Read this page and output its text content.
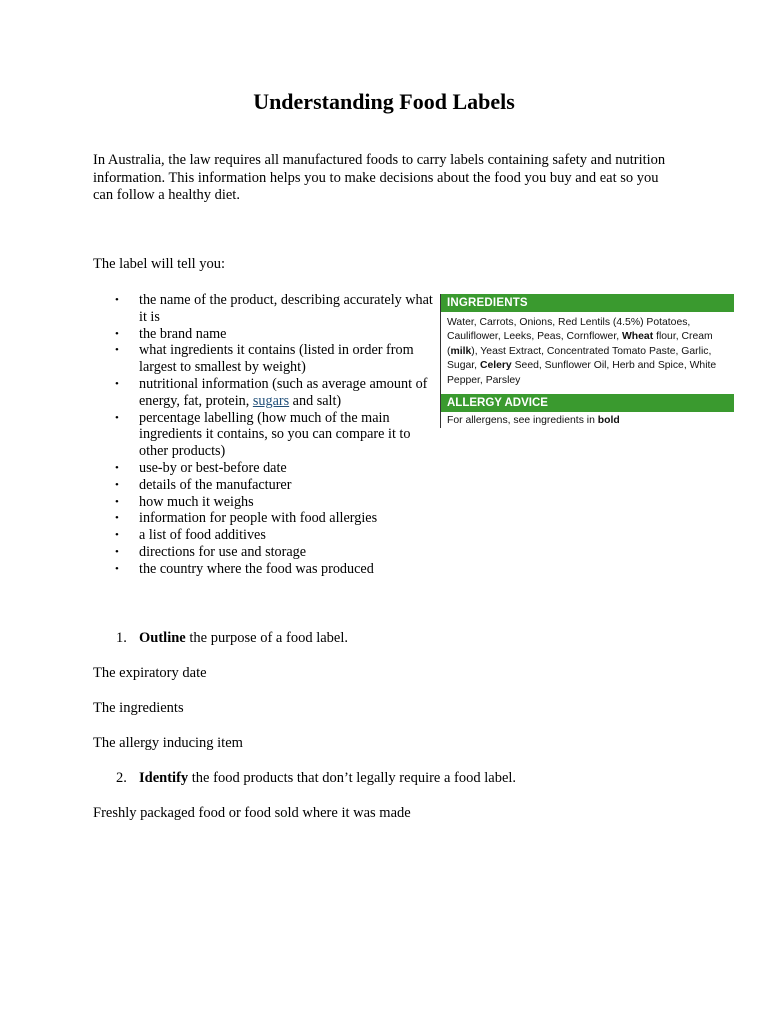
Understanding Food Labels

In Australia, the law requires all manufactured foods to carry labels containing safety and nutrition information. This information helps you to make decisions about the food you buy and eat so you can follow a healthy diet.

The label will tell you:

• the name of the product, describing accurately what it is
• the brand name
• what ingredients it contains (listed in order from largest to smallest by weight)
• nutritional information (such as average amount of energy, fat, protein, sugars and salt)
• percentage labelling (how much of the main ingredients it contains, so you can compare it to other products)
• use-by or best-before date
• details of the manufacturer
• how much it weighs
• information for people with food allergies
• a list of food additives
• directions for use and storage
• the country where the food was produced
INGREDIENTS
Water, Carrots, Onions, Red Lentils (4.5%) Potatoes, Cauliflower, Leeks, Peas, Cornflower, Wheat flour, Cream (milk), Yeast Extract, Concentrated Tomato Paste, Garlic, Sugar, Celery Seed, Sunflower Oil, Herb and Spice, White Pepper, Parsley
ALLERGY ADVICE
For allergens, see ingredients in bold

1. Outline the purpose of a food label.

The expiratory date

The ingredients

The allergy inducing item

2. Identify the food products that don’t legally require a food label.

Freshly packaged food or food sold where it was made
